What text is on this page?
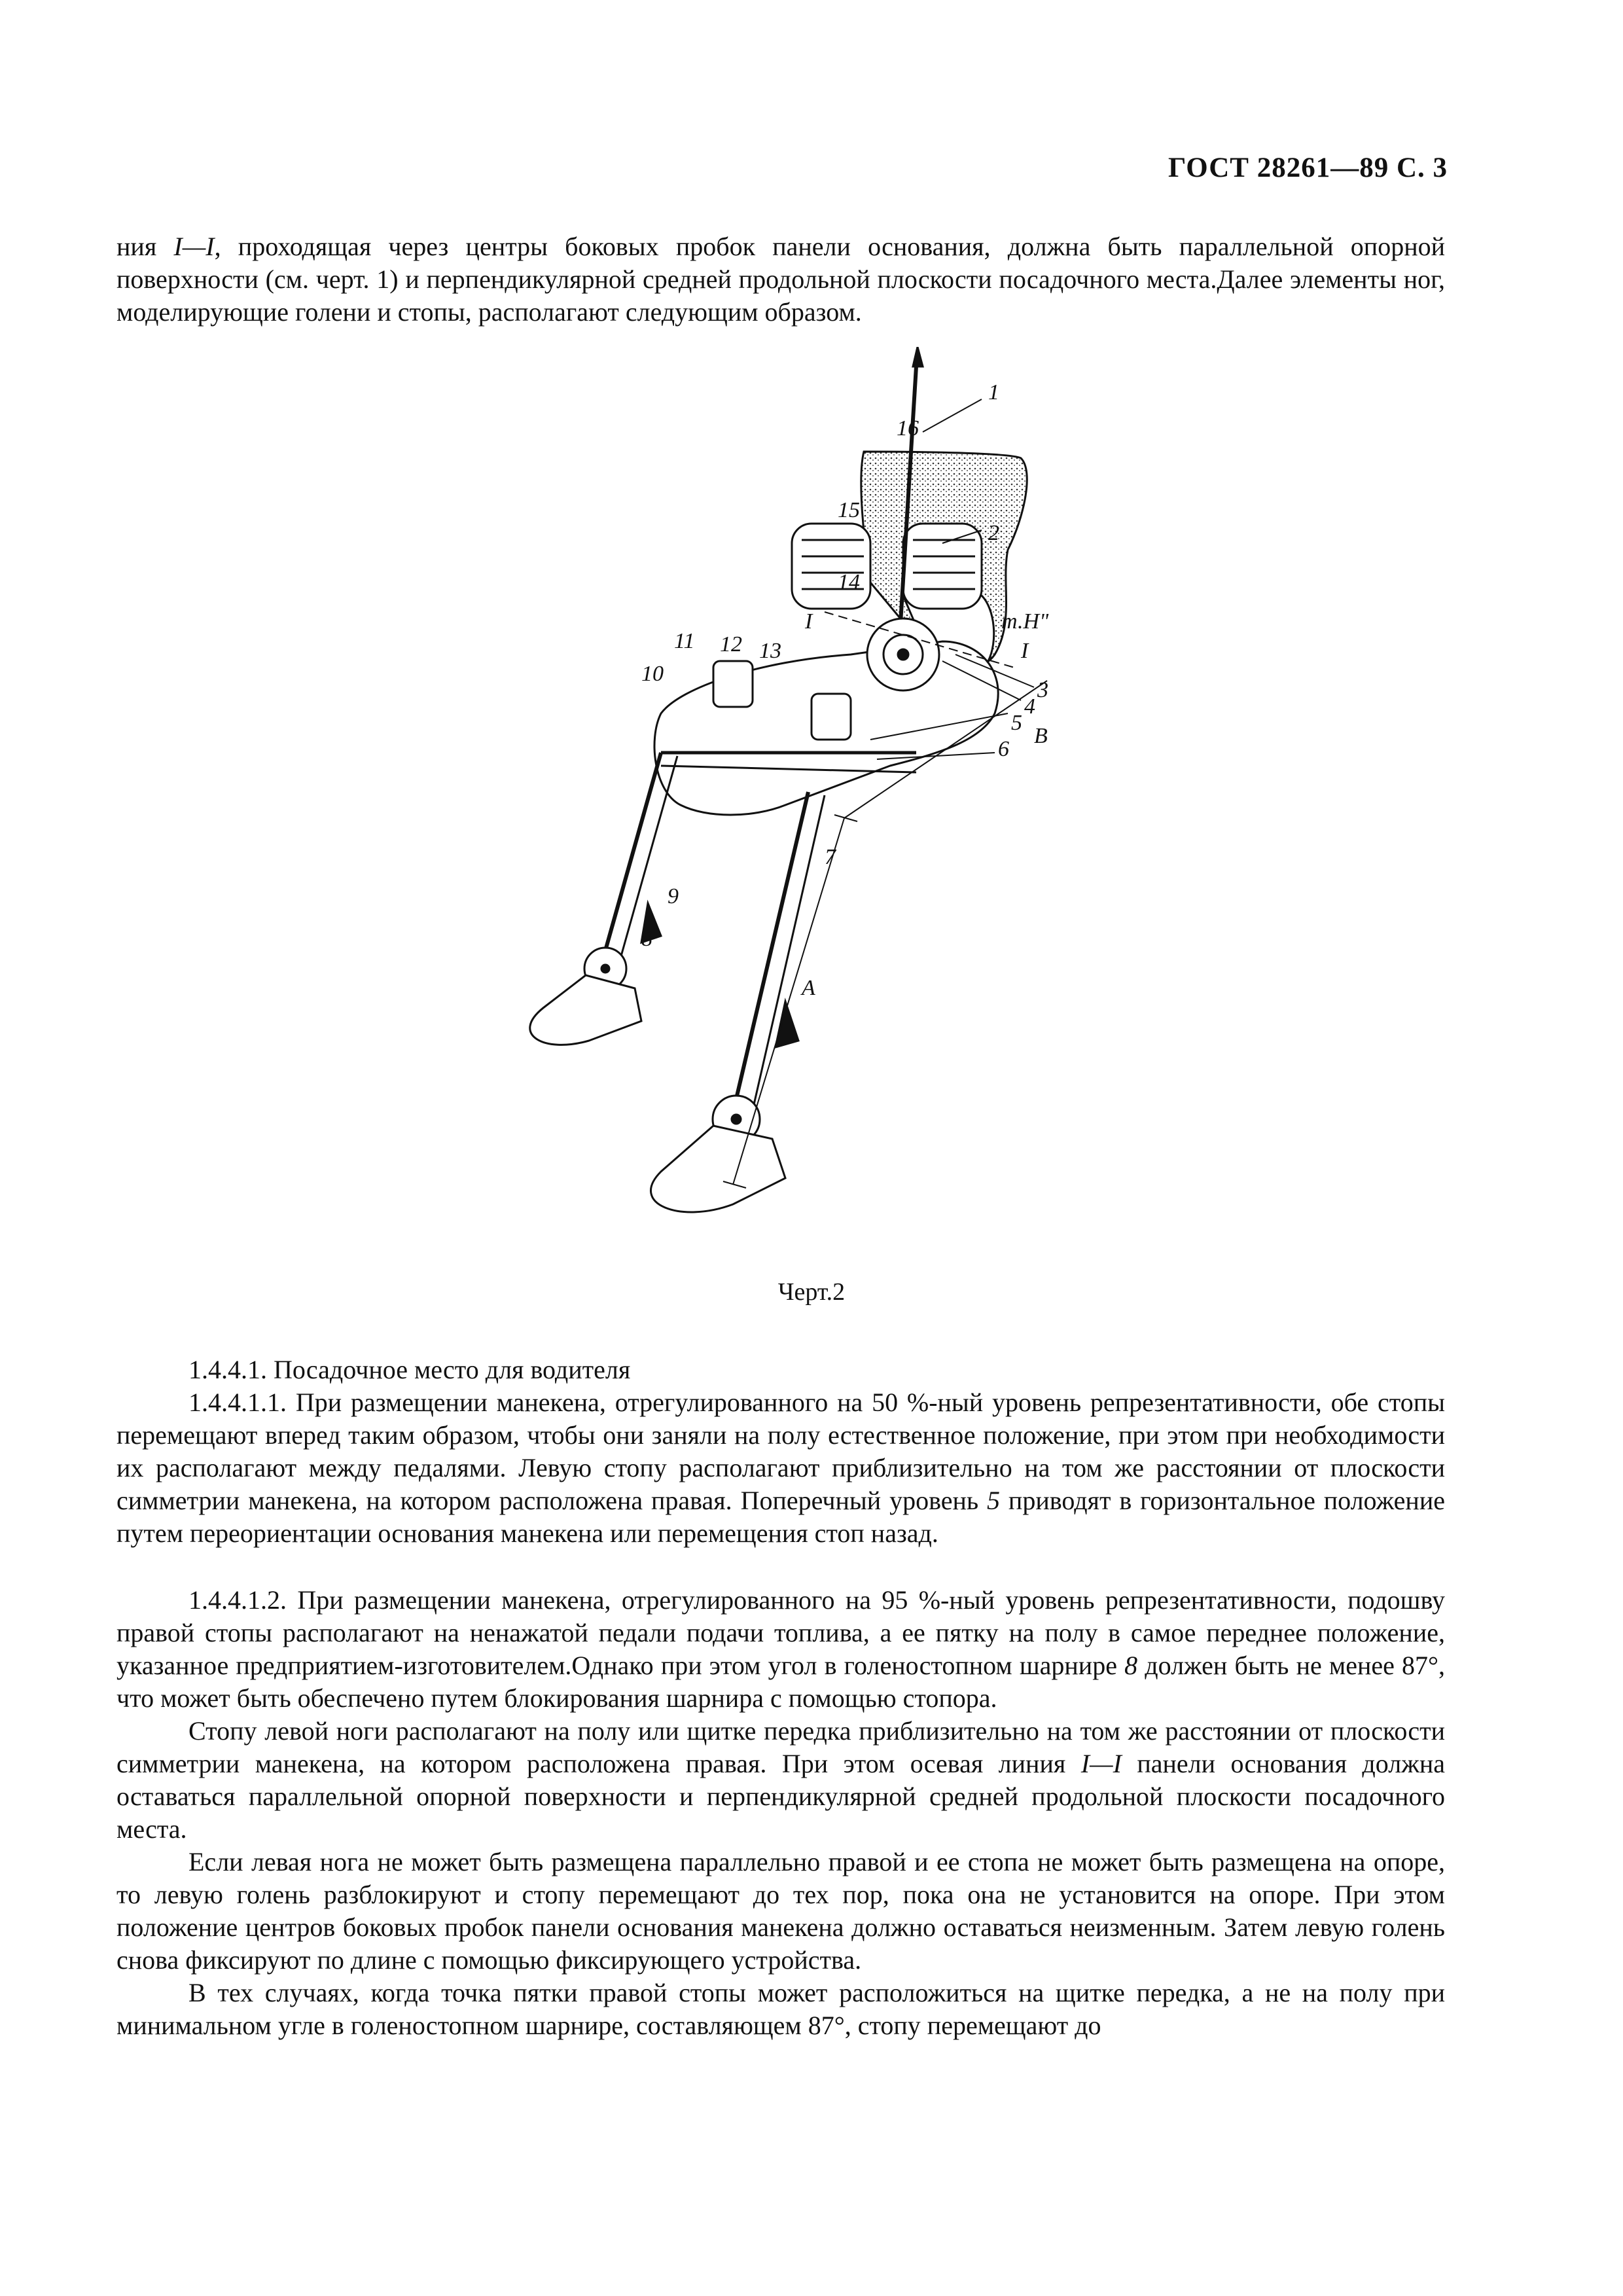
ГОСТ 28261—89 С. 3
ния I—I, проходящая через центры боковых пробок панели основания, должна быть параллельной опорной поверхности (см. черт. 1) и перпендикулярной средней продольной плоскости посадочного места.Далее элементы ног, моделирующие голени и стопы, располагают следующим образом.
16
1
15
2
14
т.H"
I
I
11 12 13
10
3
4
5
6
B
7
9
8
A
Черт.2
1.4.4.1. Посадочное место для водителя
1.4.4.1.1. При размещении манекена, отрегулированного на 50 %-ный уровень репрезентативности, обе стопы перемещают вперед таким образом, чтобы они заняли на полу естественное положение, при этом при необходимости их располагают между педалями. Левую стопу располагают приблизительно на том же расстоянии от плоскости симметрии манекена, на котором расположена правая. Поперечный уровень 5 приводят в горизонтальное положение путем переориентации основания манекена или перемещения стоп назад.
1.4.4.1.2. При размещении манекена, отрегулированного на 95 %-ный уровень репрезентативности, подошву правой стопы располагают на ненажатой педали подачи топлива, а ее пятку на полу в самое переднее положение, указанное предприятием-изготовителем.Однако при этом угол в голеностопном шарнире 8 должен быть не менее 87°, что может быть обеспечено путем блокирования шарнира с помощью стопора.
Стопу левой ноги располагают на полу или щитке передка приблизительно на том же расстоянии от плоскости симметрии манекена, на котором расположена правая. При этом осевая линия I—I панели основания должна оставаться параллельной опорной поверхности и перпендикулярной средней продольной плоскости посадочного места.
Если левая нога не может быть размещена параллельно правой и ее стопа не может быть размещена на опоре, то левую голень разблокируют и стопу перемещают до тех пор, пока она не установится на опоре. При этом положение центров боковых пробок панели основания манекена должно оставаться неизменным. Затем левую голень снова фиксируют по длине с помощью фиксирующего устройства.
В тех случаях, когда точка пятки правой стопы может расположиться на щитке передка, а не на полу при минимальном угле в голеностопном шарнире, составляющем 87°, стопу перемещают до
